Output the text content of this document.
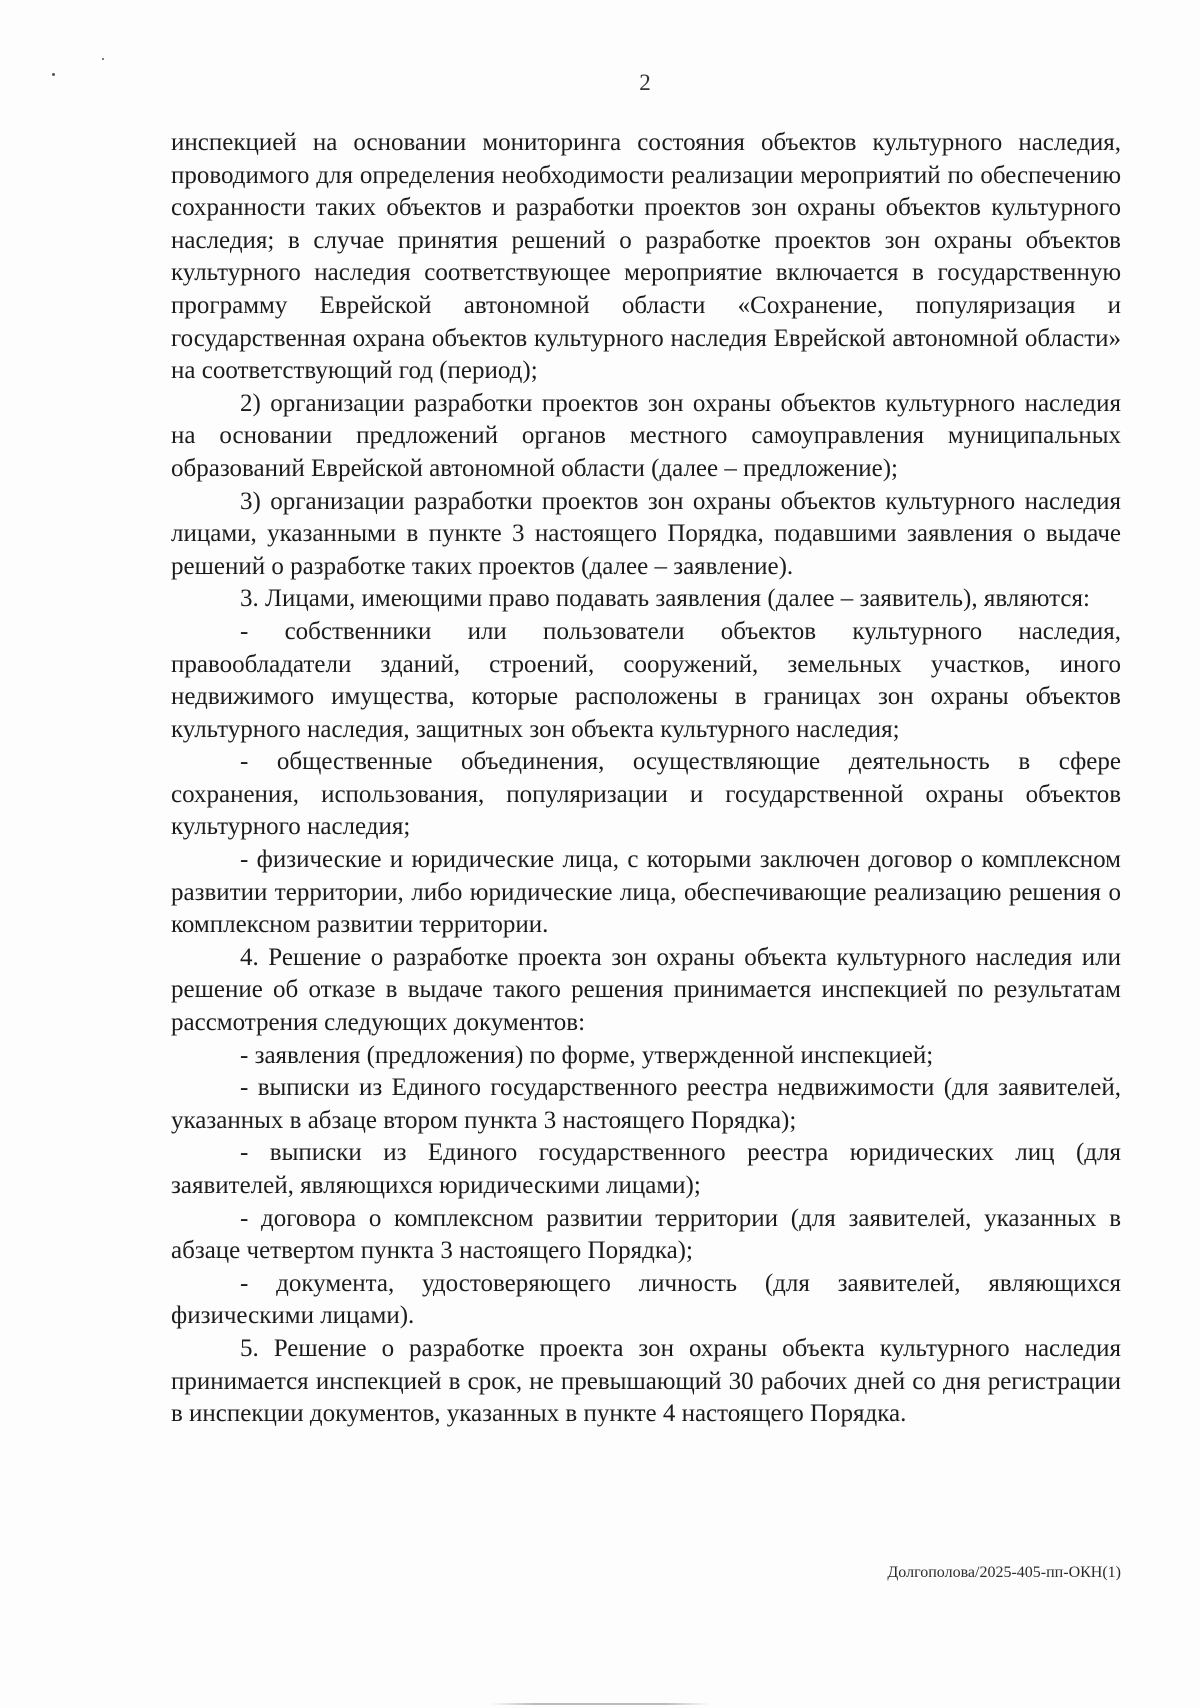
2

инспекцией на основании мониторинга состояния объектов культурного наследия, проводимого для определения необходимости реализации мероприятий по обеспечению сохранности таких объектов и разработки проектов зон охраны объектов культурного наследия; в случае принятия решений о разработке проектов зон охраны объектов культурного наследия соответствующее мероприятие включается в государственную программу Еврейской автономной области «Сохранение, популяризация и государственная охрана объектов культурного наследия Еврейской автономной области» на соответствующий год (период);

2) организации разработки проектов зон охраны объектов культурного наследия на основании предложений органов местного самоуправления муниципальных образований Еврейской автономной области (далее – предложение);

3) организации разработки проектов зон охраны объектов культурного наследия лицами, указанными в пункте 3 настоящего Порядка, подавшими заявления о выдаче решений о разработке таких проектов (далее – заявление).

3. Лицами, имеющими право подавать заявления (далее – заявитель), являются:

- собственники или пользователи объектов культурного наследия, правообладатели зданий, строений, сооружений, земельных участков, иного недвижимого имущества, которые расположены в границах зон охраны объектов культурного наследия, защитных зон объекта культурного наследия;

- общественные объединения, осуществляющие деятельность в сфере сохранения, использования, популяризации и государственной охраны объектов культурного наследия;

- физические и юридические лица, с которыми заключен договор о комплексном развитии территории, либо юридические лица, обеспечивающие реализацию решения о комплексном развитии территории.

4. Решение о разработке проекта зон охраны объекта культурного наследия или решение об отказе в выдаче такого решения принимается инспекцией по результатам рассмотрения следующих документов:

- заявления (предложения) по форме, утвержденной инспекцией;

- выписки из Единого государственного реестра недвижимости (для заявителей, указанных в абзаце втором пункта 3 настоящего Порядка);

- выписки из Единого государственного реестра юридических лиц (для заявителей, являющихся юридическими лицами);

- договора о комплексном развитии территории (для заявителей, указанных в абзаце четвертом пункта 3 настоящего Порядка);

- документа, удостоверяющего личность (для заявителей, являющихся физическими лицами).

5. Решение о разработке проекта зон охраны объекта культурного наследия принимается инспекцией в срок, не превышающий 30 рабочих дней со дня регистрации в инспекции документов, указанных в пункте 4 настоящего Порядка.

Долгополова/2025-405-пп-ОКН(1)
